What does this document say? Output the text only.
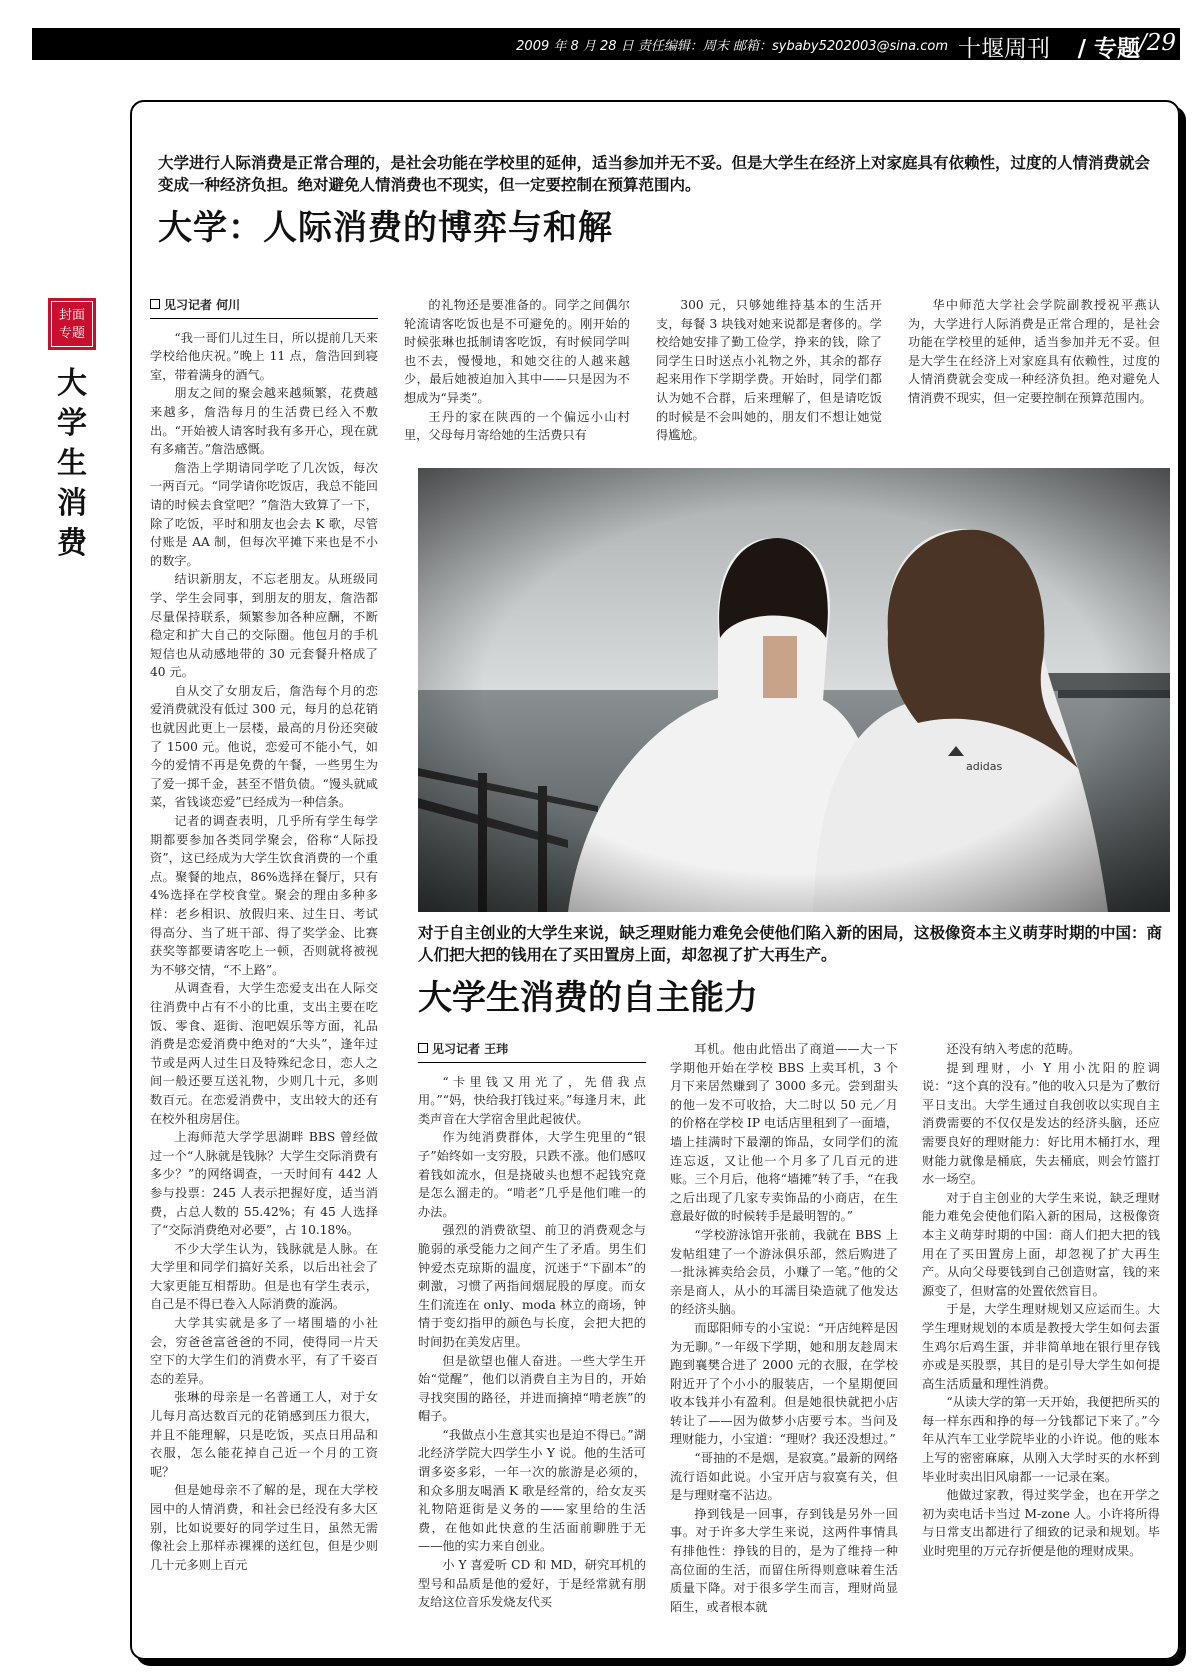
2009 年 8 月 28 日 责任编辑：周末 邮箱：sybaby5202003@sina.com 十堰周刊 / 专题
/29
封面
专题
大
学
生
消
费
大学进行人际消费是正常合理的，是社会功能在学校里的延伸，适当参加并无不妥。但是大学生在经济上对家庭具有依赖性，过度的人情消费就会变成一种经济负担。绝对避免人情消费也不现实，但一定要控制在预算范围内。
大学：人际消费的博弈与和解
见习记者 何川

“我一哥们儿过生日，所以提前几天来学校给他庆祝。”晚上 11 点，詹浩回到寝室，带着满身的酒气。

朋友之间的聚会越来越频繁，花费越来越多，詹浩每月的生活费已经入不敷出。“开始被人请客时我有多开心，现在就有多痛苦。”詹浩感慨。

詹浩上学期请同学吃了几次饭，每次一两百元。“同学请你吃饭店，我总不能回请的时候去食堂吧？”詹浩大致算了一下，除了吃饭，平时和朋友也会去 K 歌，尽管付账是 AA 制，但每次平摊下来也是不小的数字。

结识新朋友，不忘老朋友。从班级同学、学生会同事，到朋友的朋友，詹浩都尽量保持联系，频繁参加各种应酬，不断稳定和扩大自己的交际圈。他包月的手机短信也从动感地带的 30 元套餐升格成了 40 元。

自从交了女朋友后，詹浩每个月的恋爱消费就没有低过 300 元，每月的总花销也就因此更上一层楼，最高的月份还突破了 1500 元。他说，恋爱可不能小气，如今的爱情不再是免费的午餐，一些男生为了爱一掷千金，甚至不惜负债。“馒头就咸菜，省钱谈恋爱”已经成为一种信条。

记者的调查表明，几乎所有学生每学期都要参加各类同学聚会，俗称“人际投资”，这已经成为大学生饮食消费的一个重点。聚餐的地点，86%选择在餐厅，只有 4%选择在学校食堂。聚会的理由多种多样：老乡相识、放假归来、过生日、考试得高分、当了班干部、得了奖学金、比赛获奖等都要请客吃上一顿，否则就将被视为不够交情，“不上路”。

从调查看，大学生恋爱支出在人际交往消费中占有不小的比重，支出主要在吃饭、零食、逛街、泡吧娱乐等方面，礼品消费是恋爱消费中绝对的“大头”，逢年过节或是两人过生日及特殊纪念日，恋人之间一般还要互送礼物，少则几十元，多则数百元。在恋爱消费中，支出较大的还有在校外租房居住。

上海师范大学学思湖畔 BBS 曾经做过一个“人脉就是钱脉？大学生交际消费有多少？”的网络调查，一天时间有 442 人参与投票：245 人表示把握好度，适当消费，占总人数的 55.42%；有 45 人选择了“交际消费绝对必要”，占 10.18%。

不少大学生认为，钱脉就是人脉。在大学里和同学们搞好关系，以后出社会了大家更能互相帮助。但是也有学生表示，自己是不得已卷入人际消费的漩涡。

大学其实就是多了一堵围墙的小社会，穷爸爸富爸爸的不同，使得同一片天空下的大学生们的消费水平，有了千姿百态的差异。

张琳的母亲是一名普通工人，对于女儿每月高达数百元的花销感到压力很大，并且不能理解，只是吃饭，买点日用品和衣服，怎么能花掉自己近一个月的工资呢？

但是她母亲不了解的是，现在大学校园中的人情消费，和社会已经没有多大区别，比如说要好的同学过生日，虽然无需像社会上那样赤裸裸的送红包，但是少则几十元多则上百元

的礼物还是要准备的。同学之间偶尔轮流请客吃饭也是不可避免的。刚开始的时候张琳也抵制请客吃饭，有时候同学叫也不去，慢慢地，和她交往的人越来越少，最后她被迫加入其中——只是因为不想成为“异类”。

王丹的家在陕西的一个偏远小山村里，父母每月寄给她的生活费只有

300 元，只够她维持基本的生活开支，每餐 3 块钱对她来说都是奢侈的。学校给她安排了勤工俭学，挣来的钱，除了同学生日时送点小礼物之外，其余的都存起来用作下学期学费。开始时，同学们都认为她不合群，后来理解了，但是请吃饭的时候是不会叫她的，朋友们不想让她觉得尴尬。

华中师范大学社会学院副教授祝平燕认为，大学进行人际消费是正常合理的，是社会功能在学校里的延伸，适当参加并无不妥。但是大学生在经济上对家庭具有依赖性，过度的人情消费就会变成一种经济负担。绝对避免人情消费不现实，但一定要控制在预算范围内。

对于自主创业的大学生来说，缺乏理财能力难免会使他们陷入新的困局，这极像资本主义萌芽时期的中国：商人们把大把的钱用在了买田置房上面，却忽视了扩大再生产。
大学生消费的自主能力
见习记者 王玮

“卡里钱又用光了，先借我点用。”“妈，快给我打钱过来。”每逢月末，此类声音在大学宿舍里此起彼伏。

作为纯消费群体，大学生兜里的“银子”始终如一支穷股，只跌不涨。他们感叹着钱如流水，但是挠破头也想不起钱究竟是怎么溜走的。“啃老”几乎是他们唯一的办法。

强烈的消费欲望、前卫的消费观念与脆弱的承受能力之间产生了矛盾。男生们钟爱杰克琼斯的温度，沉迷于“下副本”的刺激，习惯了两指间烟屁股的厚度。而女生们流连在 only、moda 林立的商场，钟情于变幻指甲的颜色与长度，会把大把的时间扔在美发店里。

但是欲望也催人奋进。一些大学生开始“觉醒”，他们以消费自主为目的，开始寻找突围的路径，并进而摘掉“啃老族”的帽子。

“我做点小生意其实也是迫不得已。”湖北经济学院大四学生小 Y 说。他的生活可谓多姿多彩，一年一次的旅游是必须的，和众多朋友喝酒 K 歌是经常的，给女友买礼物陪逛街是义务的——家里给的生活费，在他如此快意的生活面前聊胜于无——他的实力来自创业。

小 Y 喜爱听 CD 和 MD，研究耳机的型号和品质是他的爱好，于是经常就有朋友给这位音乐发烧友代买

耳机。他由此悟出了商道——大一下学期他开始在学校 BBS 上卖耳机，3 个月下来居然赚到了 3000 多元。尝到甜头的他一发不可收拾，大二时以 50 元／月的价格在学校 IP 电话店里租到了一面墙，墙上挂满时下最潮的饰品，女同学们的流连忘返，又让他一个月多了几百元的进账。三个月后，他将“墙摊”转了手，“在我之后出现了几家专卖饰品的小商店，在生意最好做的时候转手是最明智的。”

“学校游泳馆开张前，我就在 BBS 上发帖组建了一个游泳俱乐部，然后购进了一批泳裤卖给会员，小赚了一笔。”他的父亲是商人，从小的耳濡目染造就了他发达的经济头脑。

而邸阳师专的小宝说：“开店纯粹是因为无聊。”一年级下学期，她和朋友趁周末跑到襄樊合进了 2000 元的衣服，在学校附近开了个小小的服装店，一个星期便回收本钱并小有盈利。但是她很快就把小店转让了——因为做梦小店要亏本。当问及理财能力，小宝道：“理财？我还没想过。”

“哥抽的不是烟，是寂寞。”最新的网络流行语如此说。小宝开店与寂寞有关，但是与理财毫不沾边。

挣到钱是一回事，存到钱是另外一回事。对于许多大学生来说，这两件事情具有排他性：挣钱的目的，是为了维持一种高位面的生活，而留住所得则意味着生活质量下降。对于很多学生而言，理财尚显陌生，或者根本就

还没有纳入考虑的范畴。

提到理财，小 Y 用小沈阳的腔调说：“这个真的没有。”他的收入只是为了敷衍平日支出。大学生通过自我创收以实现自主消费需要的不仅仅是发达的经济头脑，还应需要良好的理财能力：好比用木桶打水，理财能力就像是桶底，失去桶底，则会竹篮打水一场空。

对于自主创业的大学生来说，缺乏理财能力难免会使他们陷入新的困局，这极像资本主义萌芽时期的中国：商人们把大把的钱用在了买田置房上面，却忽视了扩大再生产。从向父母要钱到自己创造财富，钱的来源变了，但财富的处置依然盲目。

于是，大学生理财规划又应运而生。大学生理财规划的本质是教授大学生如何去蛋生鸡尔后鸡生蛋，并非简单地在银行里存钱亦或是买股票，其目的是引导大学生如何提高生活质量和理性消费。

“从读大学的第一天开始，我便把所买的每一样东西和挣的每一分钱都记下来了。”今年从汽车工业学院毕业的小许说。他的账本上写的密密麻麻，从刚入大学时买的水杯到毕业时卖出旧风扇都一一记录在案。

他做过家教，得过奖学金，也在开学之初为卖电话卡当过 M-zone 人。小许将所得与日常支出都进行了细致的记录和规划。毕业时兜里的万元存折便是他的理财成果。
